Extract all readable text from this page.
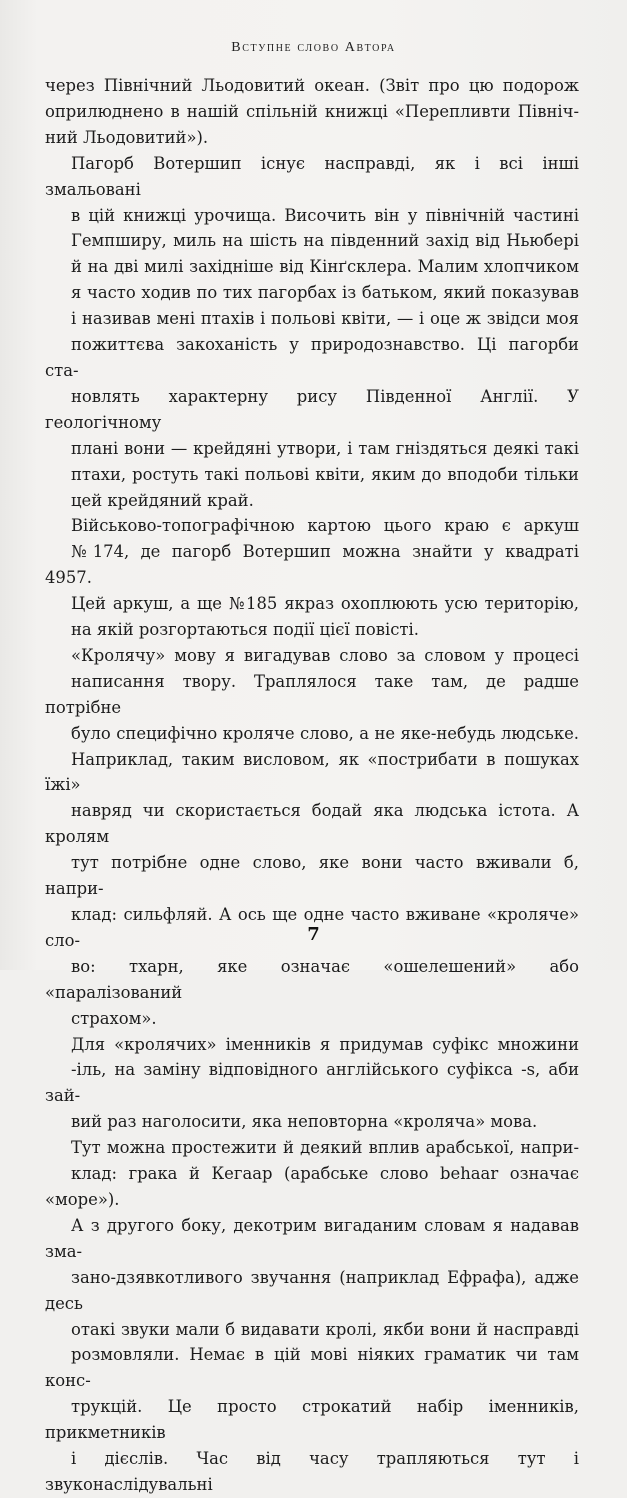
Вступне слово Автора

через Північний Льодовитий океан. (Звіт про цю подорож
оприлюднено в нашій спільній книжці «Перепливти Північ-
ний Льодовитий»).

Пагорб Вотершип існує насправді, як і всі інші змальовані
в цій книжці урочища. Височить він у північній частині
Гемпширу, миль на шість на південний захід від Ньюбері
й на дві милі західніше від Кінґсклера. Малим хлопчиком
я часто ходив по тих пагорбах із батьком, який показував
і називав мені птахів і польові квіти, — і оце ж звідси моя
пожиттєва закоханість у природознавство. Ці пагорби ста-
новлять характерну рису Південної Англії. У геологічному
плані вони — крейдяні утвори, і там гніздяться деякі такі
птахи, ростуть такі польові квіти, яким до вподоби тільки
цей крейдяний край.

Військово-топографічною картою цього краю є аркуш
№174, де пагорб Вотершип можна знайти у квадраті 4957.
Цей аркуш, а ще №185 якраз охоплюють усю територію,
на якій розгортаються події цієї повісті.

«Кролячу» мову я вигадував слово за словом у процесі
написання твору. Траплялося таке там, де радше потрібне
було специфічно кроляче слово, а не яке-небудь людське.
Наприклад, таким висловом, як «пострибати в пошуках їжі»
навряд чи скористається бодай яка людська істота. А кролям
тут потрібне одне слово, яке вони часто вживали б, напри-
клад: сильфляй. А ось ще одне часто вживане «кроляче» сло-
во: тхарн, яке означає «ошелешений» або «паралізований
страхом».

Для «кролячих» іменників я придумав суфікс множини
-іль, на заміну відповідного англійського суфікса -s, аби зай-
вий раз наголосити, яка неповторна «кроляча» мова.

Тут можна простежити й деякий вплив арабської, напри-
клад: грака й Кегаар (арабське слово behaar означає «море»).
А з другого боку, декотрим вигаданим словам я надавав зма-
зано-дзявкотливого звучання (наприклад Ефрафа), адже десь
отакі звуки мали б видавати кролі, якби вони й насправді
розмовляли. Немає в цій мові ніяких граматик чи там конс-
трукцій. Це просто строкатий набір іменників, прикметників
і дієслів. Час від часу трапляються тут і звуконаслідувальні

7
